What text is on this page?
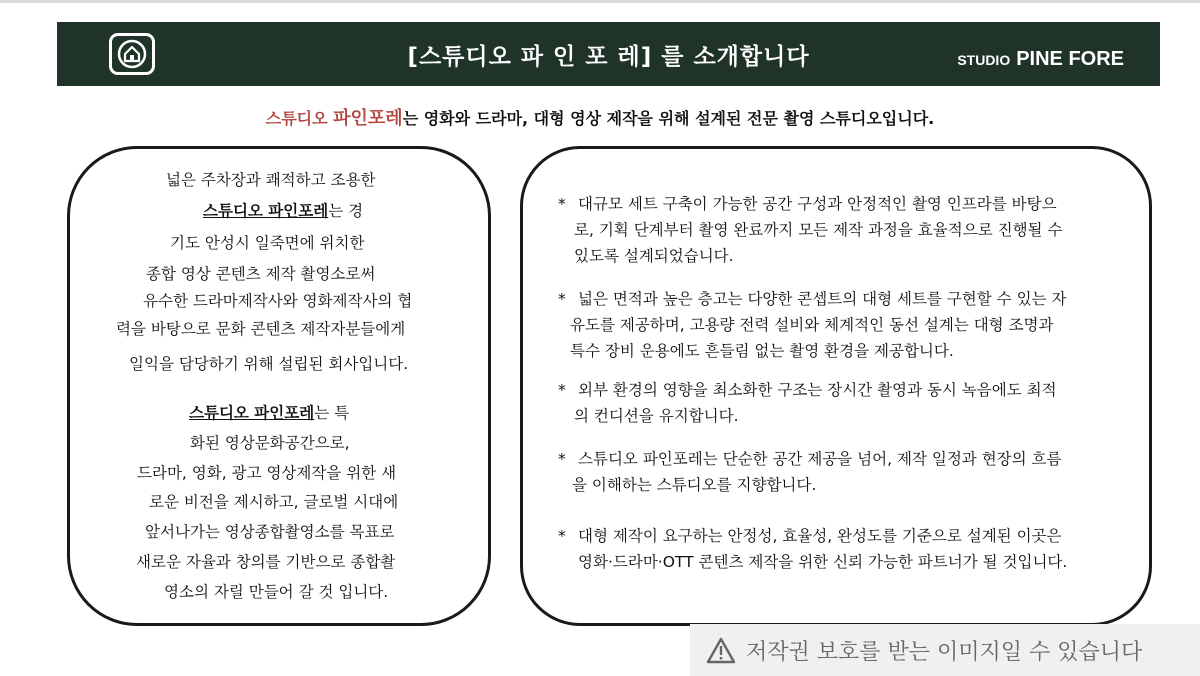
[스튜디오 파 인 포 레] 를 소개합니다	STUDIO PINE FORE
스튜디오 파인포레는 영화와 드라마, 대형 영상 제작을 위해 설계된 전문 촬영 스튜디오입니다.
넓은 주차장과 쾌적하고 조용한
스튜디오 파인포레는 경
기도 안성시 일죽면에 위치한
종합 영상 콘텐츠 제작 촬영소로써
유수한 드라마제작사와 영화제작사의 협
력을 바탕으로 문화 콘텐츠 제작자분들에게
일익을 담당하기 위해 설립된 회사입니다.
스튜디오 파인포레는 특
화된 영상문화공간으로,
드라마, 영화, 광고 영상제작을 위한 새
로운 비전을 제시하고, 글로벌 시대에
앞서나가는 영상종합촬영소를 목표로
새로운 자율과 창의를 기반으로 종합촬
영소의 자릴 만들어 갈 것 입니다.
* 대규모 세트 구축이 가능한 공간 구성과 안정적인 촬영 인프라를 바탕으
로, 기획 단계부터 촬영 완료까지 모든 제작 과정을 효율적으로 진행될 수
있도록 설계되었습니다.
* 넓은 면적과 높은 층고는 다양한 콘셉트의 대형 세트를 구현할 수 있는 자
유도를 제공하며, 고용량 전력 설비와 체계적인 동선 설계는 대형 조명과
특수 장비 운용에도 흔들림 없는 촬영 환경을 제공합니다.
* 외부 환경의 영향을 최소화한 구조는 장시간 촬영과 동시 녹음에도 최적
의 컨디션을 유지합니다.
* 스튜디오 파인포레는 단순한 공간 제공을 넘어, 제작 일정과 현장의 흐름
을 이해하는 스튜디오를 지향합니다.
* 대형 제작이 요구하는 안정성, 효율성, 완성도를 기준으로 설계된 이곳은
영화·드라마·OTT 콘텐츠 제작을 위한 신뢰 가능한 파트너가 될 것입니다.
저작권 보호를 받는 이미지일 수 있습니다
